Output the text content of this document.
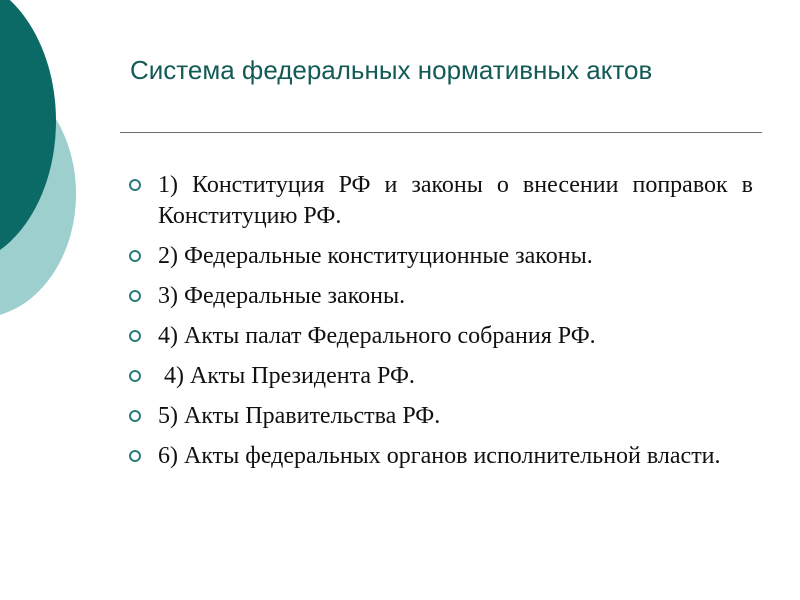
Система федеральных нормативных актов
1) Конституция РФ и законы о внесении поправок в Конституцию РФ.
2) Федеральные конституционные законы.
3) Федеральные законы.
4) Акты палат Федерального собрания РФ.
4) Акты Президента РФ.
5) Акты Правительства РФ.
6) Акты федеральных органов исполнительной власти.
